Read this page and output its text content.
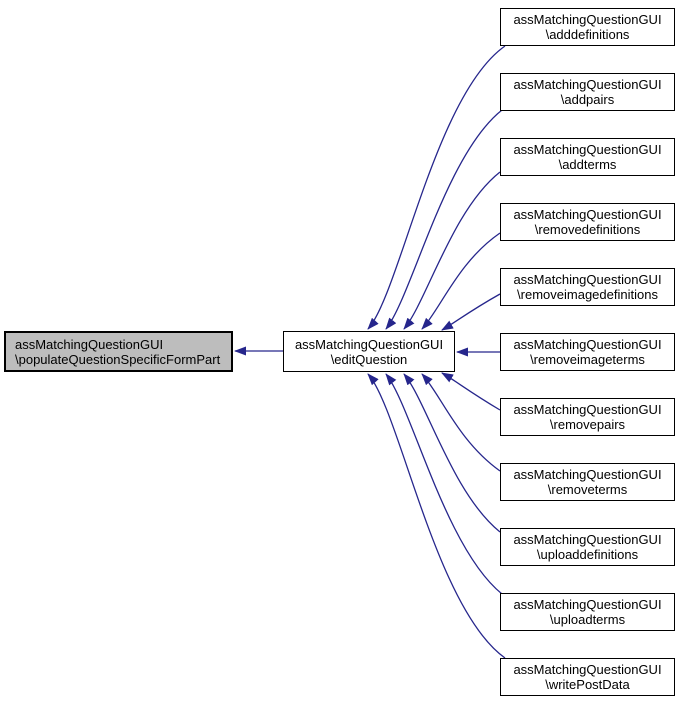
assMatchingQuestionGUI
\populateQuestionSpecificFormPart
assMatchingQuestionGUI
\editQuestion
assMatchingQuestionGUI
\adddefinitions
assMatchingQuestionGUI
\addpairs
assMatchingQuestionGUI
\addterms
assMatchingQuestionGUI
\removedefinitions
assMatchingQuestionGUI
\removeimagedefinitions
assMatchingQuestionGUI
\removeimageterms
assMatchingQuestionGUI
\removepairs
assMatchingQuestionGUI
\removeterms
assMatchingQuestionGUI
\uploaddefinitions
assMatchingQuestionGUI
\uploadterms
assMatchingQuestionGUI
\writePostData
